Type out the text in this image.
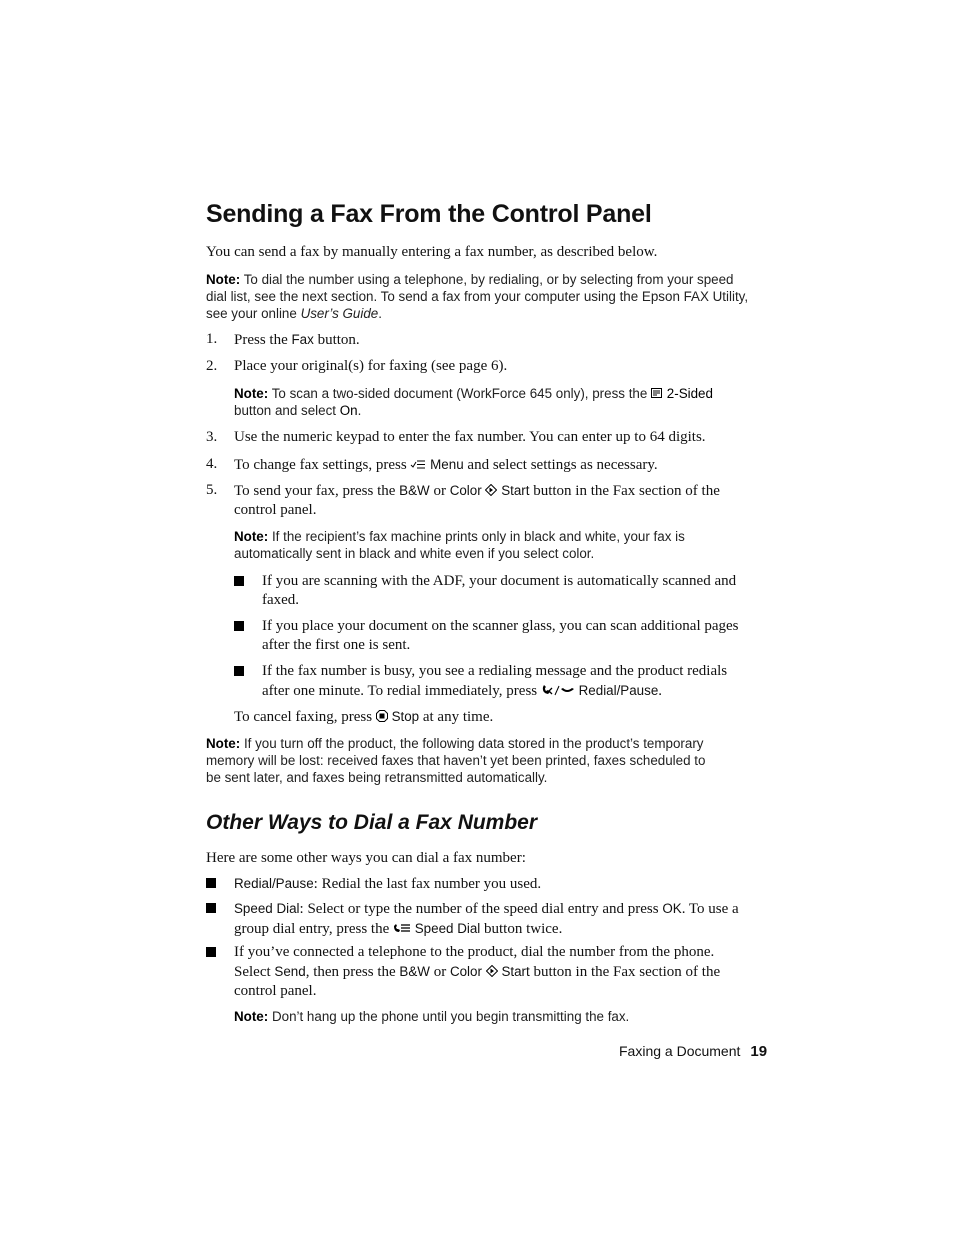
Sending a Fax From the Control Panel

You can send a fax by manually entering a fax number, as described below.

Note: To dial the number using a telephone, by redialing, or by selecting from your speed dial list, see the next section. To send a fax from your computer using the Epson FAX Utility, see your online User’s Guide.
1. Press the Fax button.
2. Place your original(s) for faxing (see page 6).
Note: To scan a two-sided document (WorkForce 645 only), press the 2-Sided
button and select On.
3. Use the numeric keypad to enter the fax number. You can enter up to 64 digits.
4. To change fax settings, press Menu and select settings as necessary.
5. To send your fax, press the B&W or Color Start button in the Fax section of the
control panel.
Note: If the recipient’s fax machine prints only in black and white, your fax is
automatically sent in black and white even if you select color.
If you are scanning with the ADF, your document is automatically scanned and
faxed.
If you place your document on the scanner glass, you can scan additional pages
after the first one is sent.
If the fax number is busy, you see a redialing message and the product redials
after one minute. To redial immediately, press	Redial/Pause.
To cancel faxing, press Stop at any time.
Note: If you turn off the product, the following data stored in the product’s temporary
memory will be lost: received faxes that haven’t yet been printed, faxes scheduled to
be sent later, and faxes being retransmitted automatically.
Other Ways to Dial a Fax Number

Here are some other ways you can dial a fax number:

Redial/Pause: Redial the last fax number you used.
Speed Dial: Select or type the number of the speed dial entry and press OK. To use a
group dial entry, press the Speed Dial button twice.
If you’ve connected a telephone to the product, dial the number from the phone.
Select Send, then press the B&W or Color Start button in the Fax section of the
control panel.
Note: Don’t hang up the phone until you begin transmitting the fax.
Faxing a Document 19
